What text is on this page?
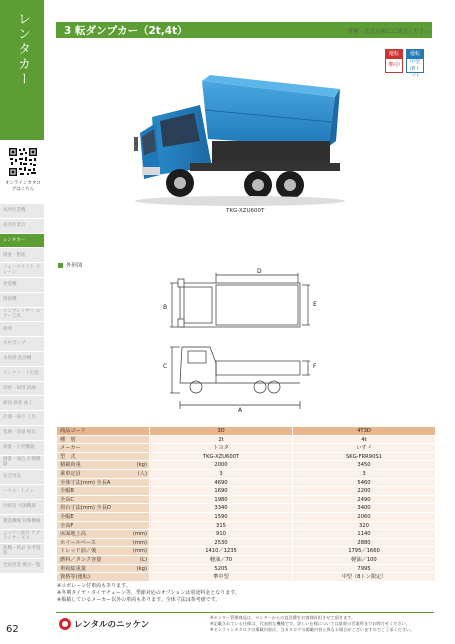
レンタカー
オンラインカタログはこちら
高所作業機
高所作業台
レンタカー
揚重・整地
フォークリフト クレーン
発電機
溶接機
コンプレッサー エアー工具
照明
水中ポンプ
水処理 洗浄機
コンクリート打設
切断・研削 研磨
締固 鉄筋 加工
計測・探り 工具
集塵・清掃 換気
測量・小型機器
測量・通信 計測機器
安全用品
ハウス・トイレ
冷暖房 空調機器
製造機械 特殊機械
ニッケン独自 サプライサービス
新機・新品 参考資料
全国営業 拠点一覧
62
3 転ダンプカー（2t,4t）	車検・法定点検にご協力ください
運転
準中
運転
中型 (8トン)
TKG-XZU600T
外形図
D
B	E
C	F
A
商品コード	3D	4T3D
種　別	2t	4t
メーカー	トヨタ	いすゞ
型　式	TKG-XZU600T	SKG-FRR90S1
積載荷重	(kg)	2000	3450
乗車定員	(人)	3	3
全体寸法(mm) 全長A	4690	5460
全幅B	1690	2200
全高C	1980	2490
荷台寸法(mm) 全長D	3340	3400
全幅E	1590	2060
全高F	315	320
床面地上高	(mm)	910	1140
ホイールベース	(mm)	2530	2880
トレッド前／後	(mm)	1410／1235	1795／1660
燃料／タンク容量	(L)	軽油／70	軽油／100
車両総重量	(kg)	5205	7995
資格等(運転)	準中型	中型（8トン限定）
※コボレーン付車両もあります。
※冬期タイヤ・タイヤチェーン等、季節対応のオプションは別途料金となります。
※掲載しているメーカー以外の車両もあります。全体寸法は参考値です。
レンタルのニッケン
※センター管理商品は、センターからの直送費をお客様負担させて頂きます。
※記載されている仕様は、代表的な機種です。詳しい仕様については最寄の営業所までお問合せください。
※オンラインカタログの掲載内容は、当カタログの掲載内容と異なる場合がございますのでご了承ください。
